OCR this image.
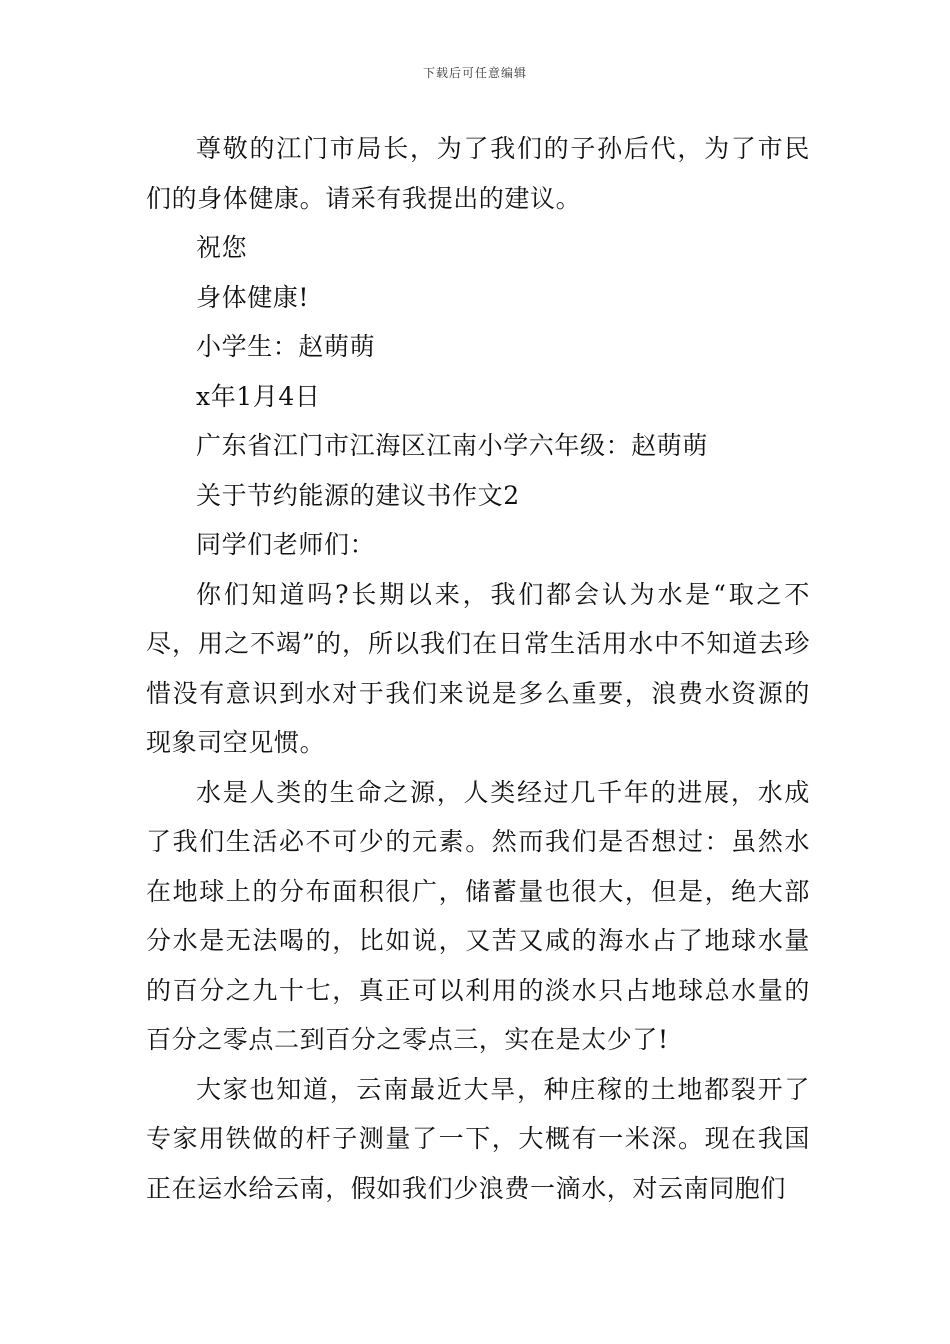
下载后可任意编辑

尊敬的江门市局长，为了我们的子孙后代，为了市民们的身体健康。请采有我提出的建议。

祝您

身体健康!

小学生：赵萌萌

x年1月4日

广东省江门市江海区江南小学六年级：赵萌萌

关于节约能源的建议书作文2

同学们老师们：

你们知道吗?长期以来，我们都会认为水是“取之不尽，用之不竭”的，所以我们在日常生活用水中不知道去珍惜没有意识到水对于我们来说是多么重要，浪费水资源的现象司空见惯。

水是人类的生命之源，人类经过几千年的进展，水成了我们生活必不可少的元素。然而我们是否想过：虽然水在地球上的分布面积很广，储蓄量也很大，但是，绝大部分水是无法喝的，比如说，又苦又咸的海水占了地球水量的百分之九十七，真正可以利用的淡水只占地球总水量的百分之零点二到百分之零点三，实在是太少了!

大家也知道，云南最近大旱，种庄稼的土地都裂开了专家用铁做的杆子测量了一下，大概有一米深。现在我国正在运水给云南，假如我们少浪费一滴水，对云南同胞们
